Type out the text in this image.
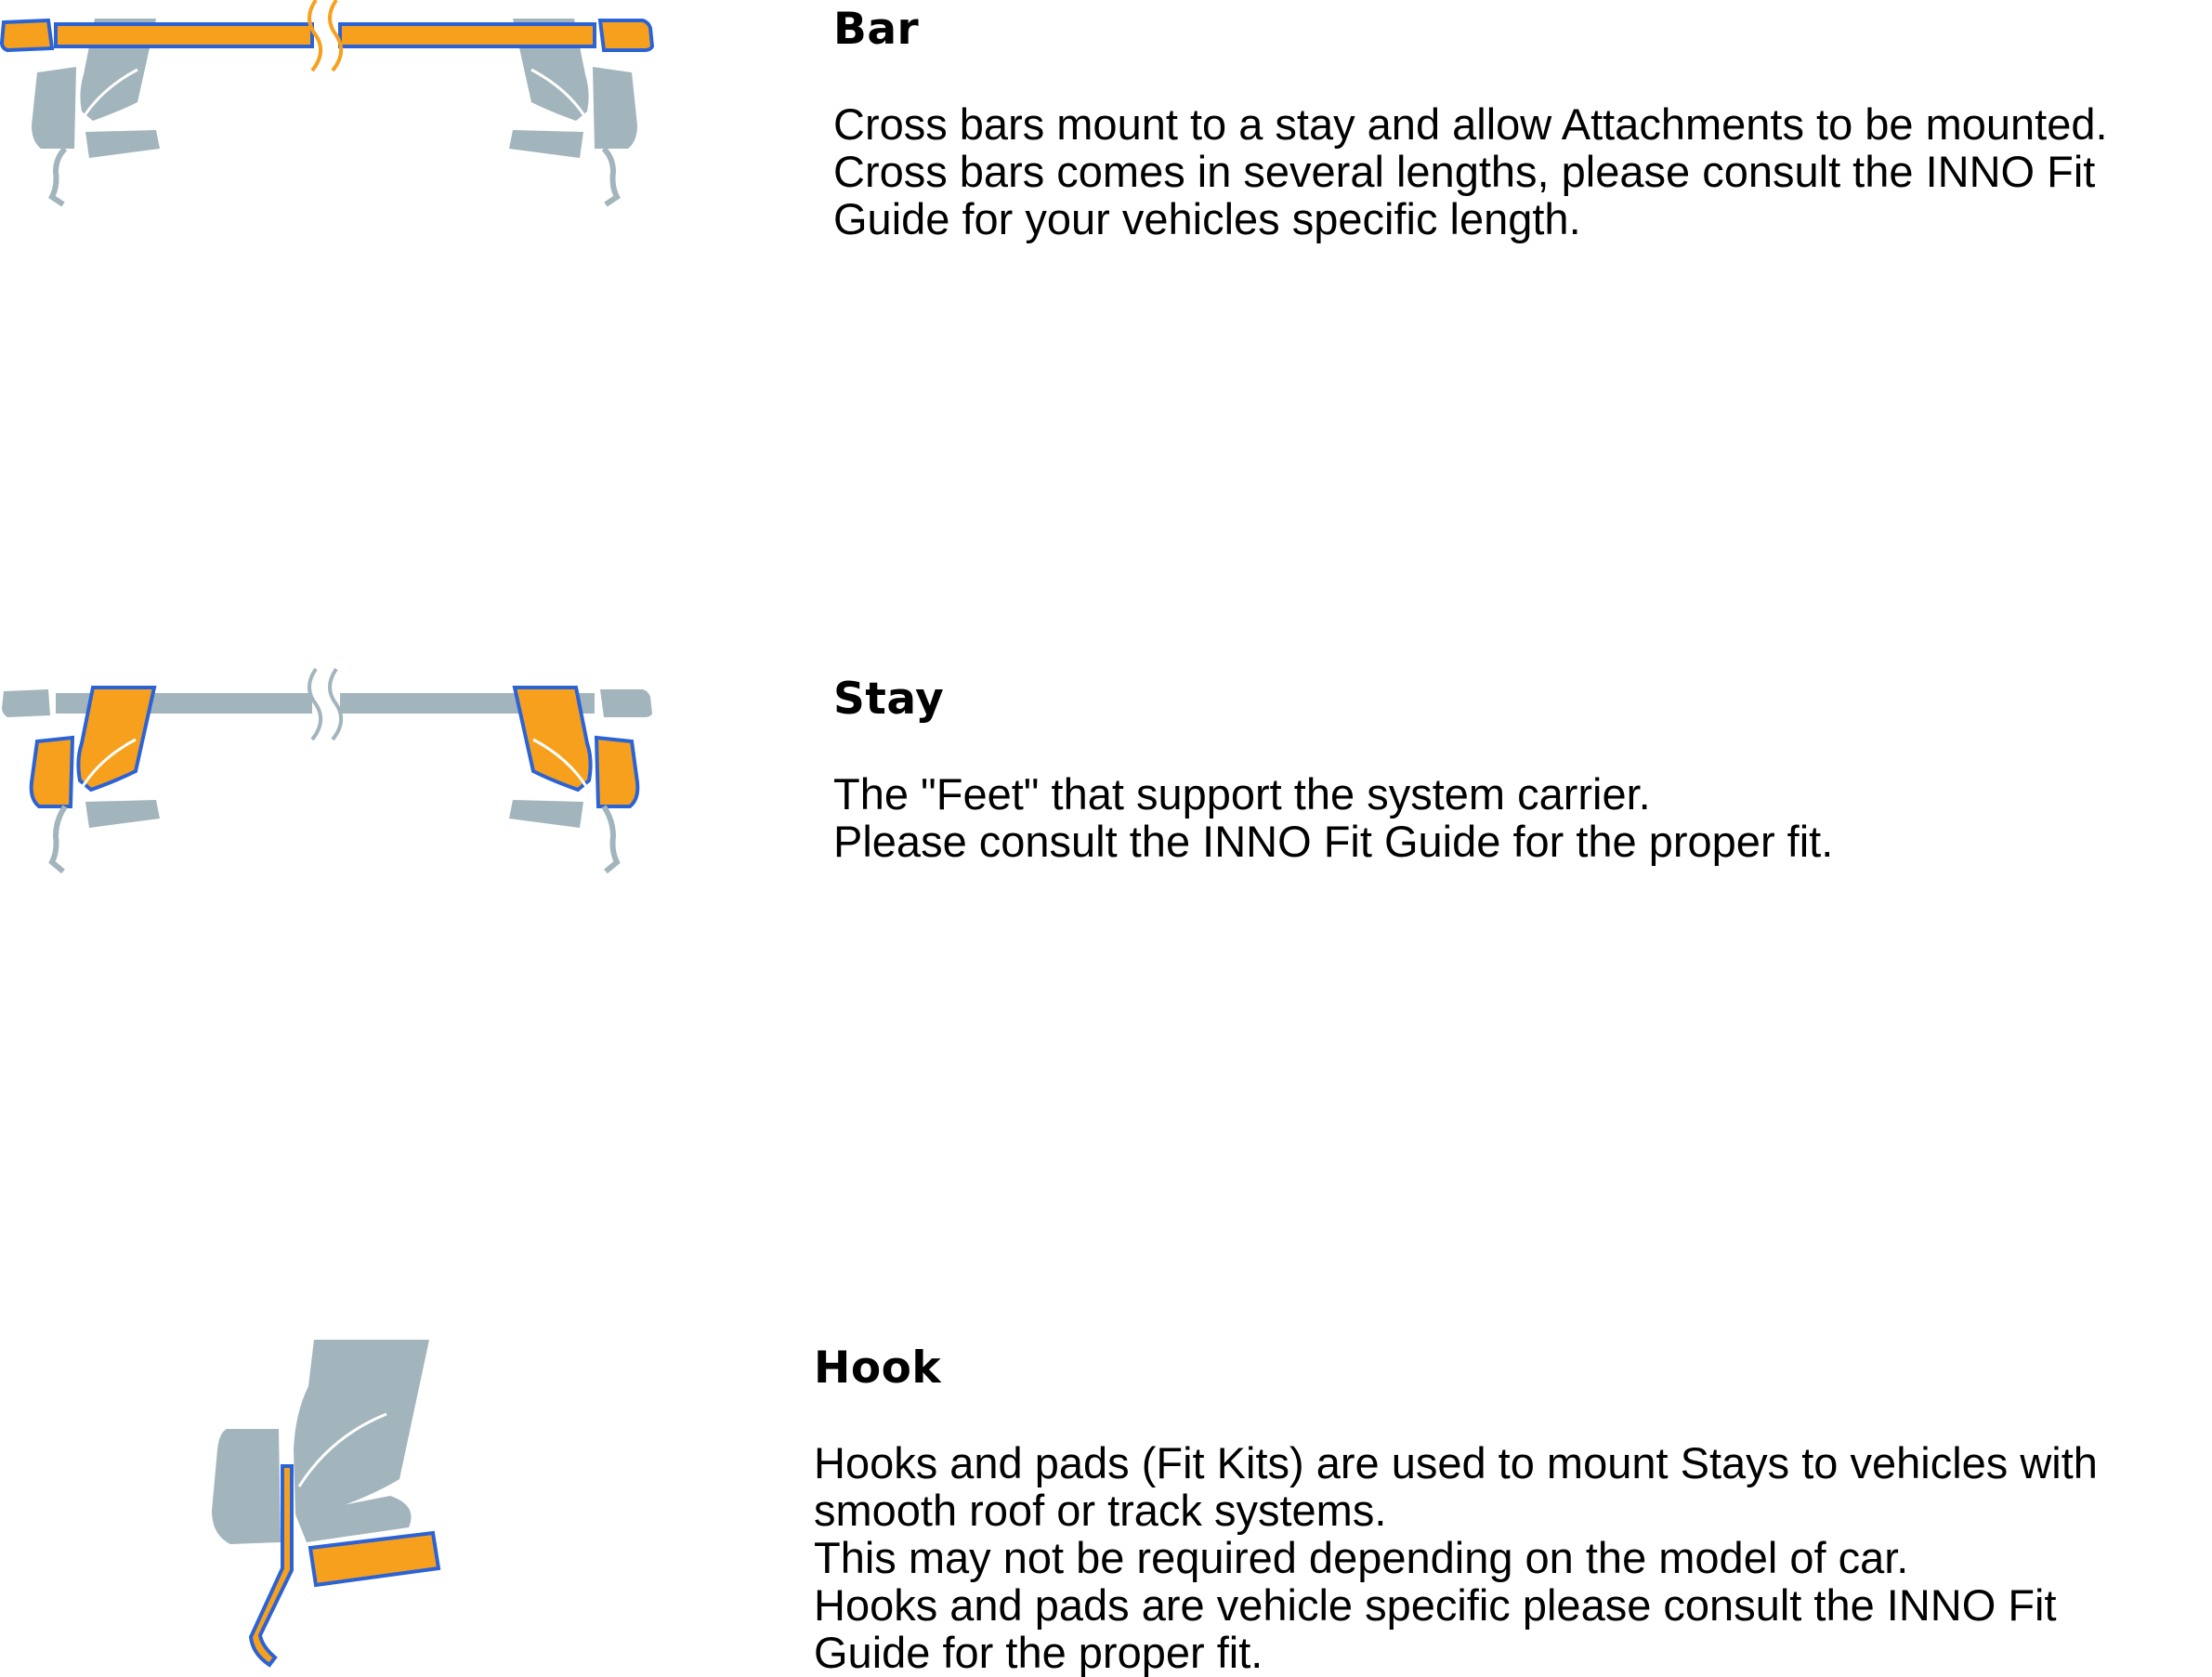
Bar
Cross bars mount to a stay and allow Attachments to be mounted.
Cross bars comes in several lengths, please consult the INNO Fit
Guide for your vehicles specific length.
Stay
The "Feet" that support the system carrier.
Please consult the INNO Fit Guide for the proper fit.
Hook
Hooks and pads (Fit Kits) are used to mount Stays to vehicles with
smooth roof or track systems.
This may not be required depending on the model of car.
Hooks and pads are vehicle specific please consult the INNO Fit
Guide for the proper fit.
